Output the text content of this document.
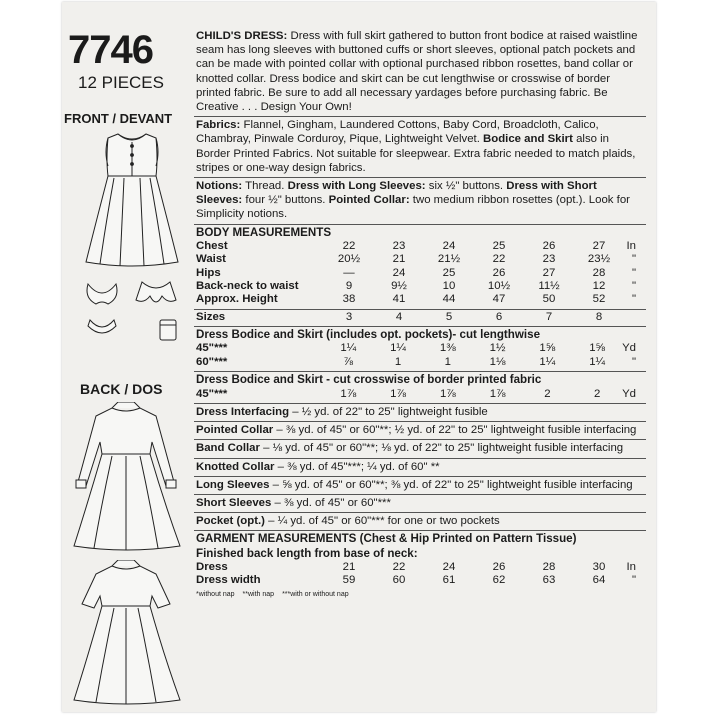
7746
12 PIECES
FRONT / DEVANT
BACK / DOS

CHILD'S DRESS: Dress with full skirt gathered to button front bodice at raised waistline seam has long sleeves with buttoned cuffs or short sleeves, optional patch pockets and can be made with pointed collar with optional purchased ribbon rosettes, band collar or knotted collar. Dress bodice and skirt can be cut lengthwise or crosswise of border printed fabric. Be sure to add all necessary yardages before purchasing fabric. Be Creative . . . Design Your Own!

Fabrics: Flannel, Gingham, Laundered Cottons, Baby Cord, Broadcloth, Calico, Chambray, Pinwale Corduroy, Pique, Lightweight Velvet. Bodice and Skirt also in Border Printed Fabrics. Not suitable for sleepwear. Extra fabric needed to match plaids, stripes or one-way design fabrics.

Notions: Thread. Dress with Long Sleeves: six ½" buttons. Dress with Short Sleeves: four ½" buttons. Pointed Collar: two medium ribbon rosettes (opt.). Look for Simplicity notions.

BODY MEASUREMENTS
Chest	22	23	24	25	26	27	In
Waist	20½	21	21½	22	23	23½	"
Hips	—	24	25	26	27	28	"
Back-neck to waist	9	9½	10	10½	11½	12	"
Approx. Height	38	41	44	47	50	52	"
Sizes	3	4	5	6	7	8	
Dress Bodice and Skirt (includes opt. pockets)- cut lengthwise
45"***	1¼	1¼	1⅜	1½	1⅝	1⅝	Yd
60"***	⅞	1	1	1⅛	1¼	1¼	"
Dress Bodice and Skirt - cut crosswise of border printed fabric
45"***	1⅞	1⅞	1⅞	1⅞	2	2	Yd

Dress Interfacing – ½ yd. of 22" to 25" lightweight fusible

Pointed Collar – ⅜ yd. of 45" or 60"**; ½ yd. of 22" to 25" lightweight fusible interfacing

Band Collar – ⅛ yd. of 45" or 60"**; ⅛ yd. of 22" to 25" lightweight fusible interfacing

Knotted Collar – ⅜ yd. of 45"***; ¼ yd. of 60" **

Long Sleeves – ⅝ yd. of 45" or 60"**; ⅜ yd. of 22" to 25" lightweight fusible interfacing

Short Sleeves – ⅜ yd. of 45" or 60"***

Pocket (opt.) – ¼ yd. of 45" or 60"*** for one or two pockets

GARMENT MEASUREMENTS (Chest & Hip Printed on Pattern Tissue)
Finished back length from base of neck:
Dress	21	22	24	26	28	30	In
Dress width	59	60	61	62	63	64	"
*without nap **with nap ***with or without nap
